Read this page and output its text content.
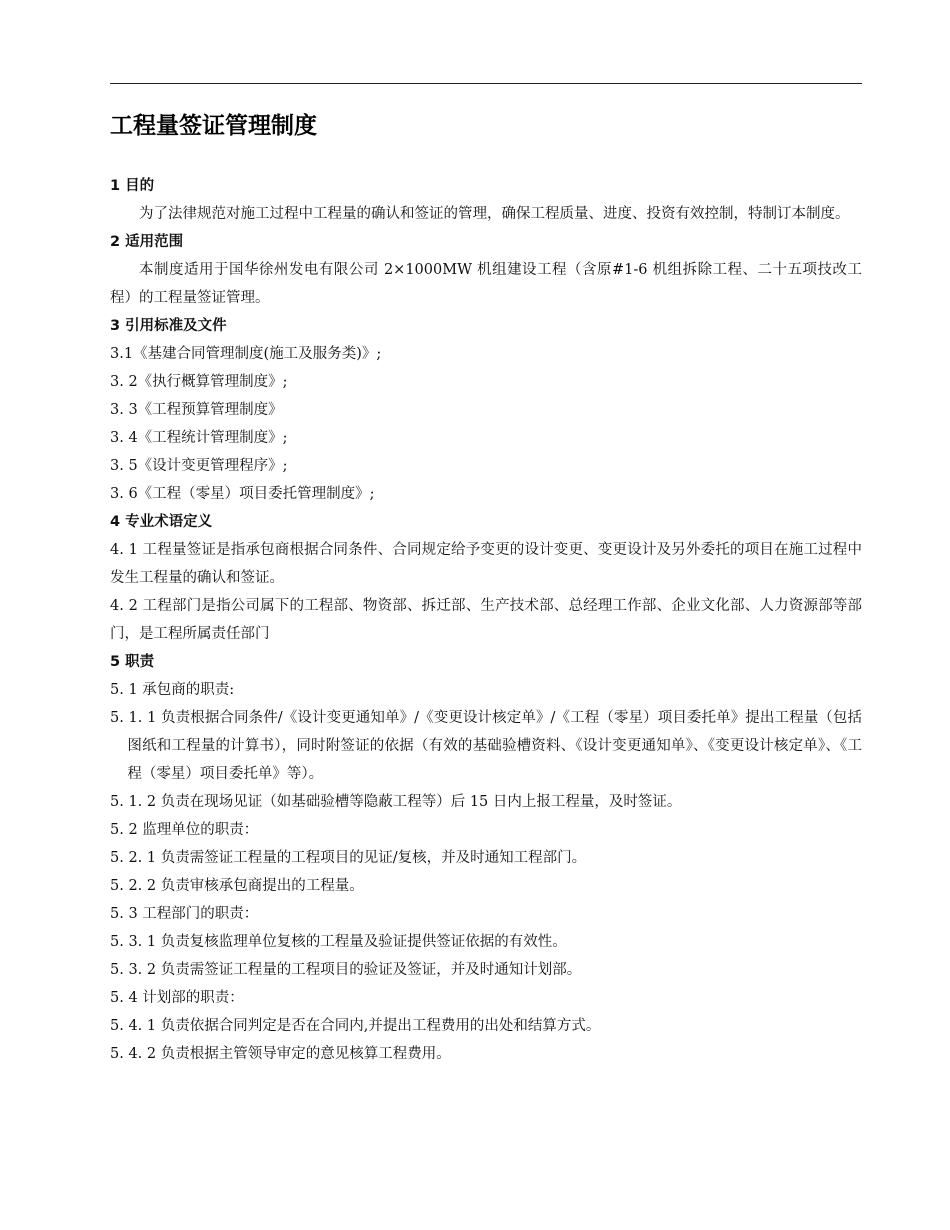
工程量签证管理制度

1 目的

为了法律规范对施工过程中工程量的确认和签证的管理，确保工程质量、进度、投资有效控制，特制订本制度。

2 适用范围

本制度适用于国华徐州发电有限公司 2×1000MW 机组建设工程（含原#1-6 机组拆除工程、二十五项技改工程）的工程量签证管理。

3 引用标准及文件

3.1《基建合同管理制度(施工及服务类)》;

3. 2《执行概算管理制度》;

3. 3《工程预算管理制度》

3. 4《工程统计管理制度》;

3. 5《设计变更管理程序》;

3. 6《工程（零星）项目委托管理制度》;

4 专业术语定义

4. 1 工程量签证是指承包商根据合同条件、合同规定给予变更的设计变更、变更设计及另外委托的项目在施工过程中发生工程量的确认和签证。

4. 2 工程部门是指公司属下的工程部、物资部、拆迁部、生产技术部、总经理工作部、企业文化部、人力资源部等部门，是工程所属责任部门

5 职责

5. 1 承包商的职责:

5. 1. 1 负责根据合同条件/《设计变更通知单》/《变更设计核定单》/《工程（零星）项目委托单》提出工程量（包括图纸和工程量的计算书），同时附签证的依据（有效的基础验槽资料、《设计变更通知单》、《变更设计核定单》、《工程（零星）项目委托单》等）。

5. 1. 2 负责在现场见证（如基础验槽等隐蔽工程等）后 15 日内上报工程量，及时签证。

5. 2 监理单位的职责：

5. 2. 1 负责需签证工程量的工程项目的见证/复核，并及时通知工程部门。

5. 2. 2 负责审核承包商提出的工程量。

5. 3 工程部门的职责：

5. 3. 1 负责复核监理单位复核的工程量及验证提供签证依据的有效性。

5. 3. 2 负责需签证工程量的工程项目的验证及签证，并及时通知计划部。

5. 4 计划部的职责：

5. 4. 1 负责依据合同判定是否在合同内,并提出工程费用的出处和结算方式。

5. 4. 2 负责根据主管领导审定的意见核算工程费用。
